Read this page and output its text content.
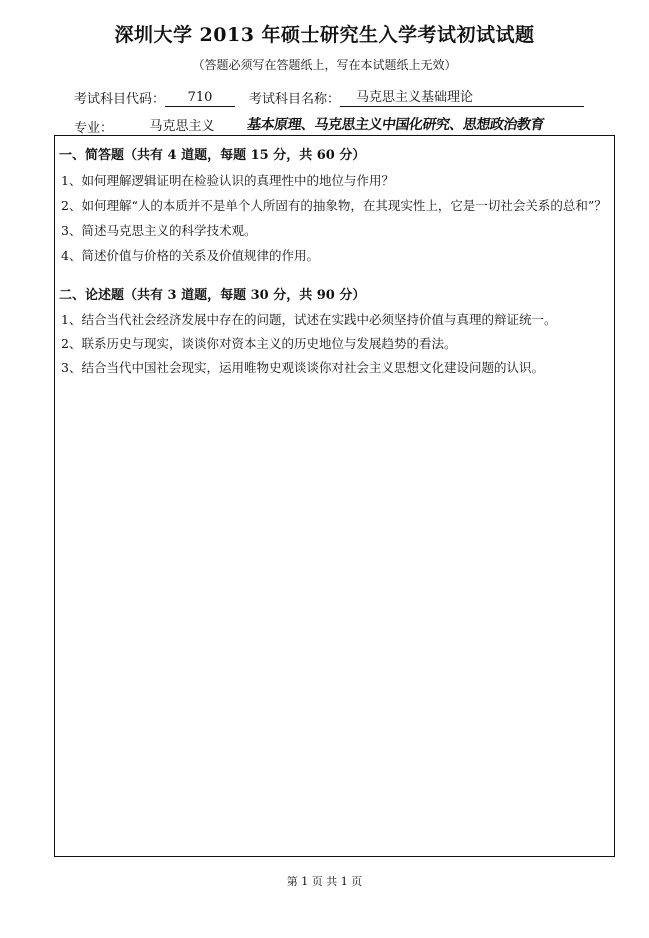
深圳大学 2013 年硕士研究生入学考试初试试题
（答题必须写在答题纸上，写在本试题纸上无效）
考试科目代码： 710	考试科目名称： 马克思主义基础理论
专业：	马克思主义 基本原理、马克思主义中国化研究、思想政治教育
一、简答题（共有 4 道题，每题 15 分，共 60 分）
1、如何理解逻辑证明在检验认识的真理性中的地位与作用？
2、如何理解“人的本质并不是单个人所固有的抽象物，在其现实性上，它是一切社会关系的总和”？
3、简述马克思主义的科学技术观。
4、简述价值与价格的关系及价值规律的作用。
二、论述题（共有 3 道题，每题 30 分，共 90 分）
1、结合当代社会经济发展中存在的问题，试述在实践中必须坚持价值与真理的辩证统一。
2、联系历史与现实，谈谈你对资本主义的历史地位与发展趋势的看法。
3、结合当代中国社会现实，运用唯物史观谈谈你对社会主义思想文化建设问题的认识。
第 1 页 共 1 页
